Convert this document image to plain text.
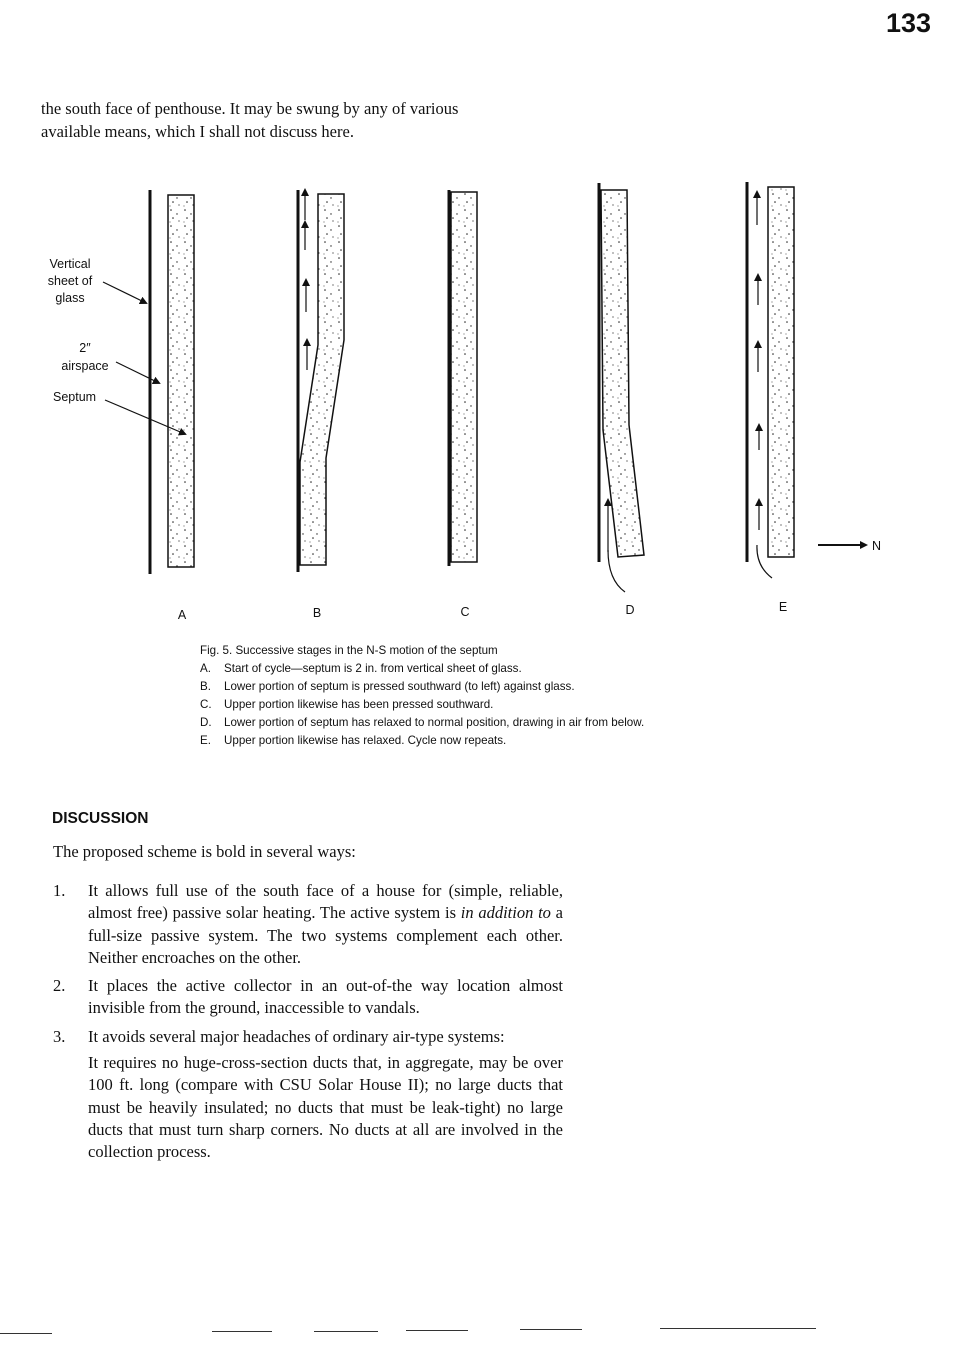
133

the south face of penthouse. It may be swung by any of various

available means, which I shall not discuss here.

Vertical
sheet of
glass
2″
airspace
Septum
N
A	B	C	D	E
Fig. 5. Successive stages in the N-S motion of the septum
A. Start of cycle—septum is 2 in. from vertical sheet of glass.
B. Lower portion of septum is pressed southward (to left) against glass.
C. Upper portion likewise has been pressed southward.
D. Lower portion of septum has relaxed to normal position, drawing in air from below.
E. Upper portion likewise has relaxed. Cycle now repeats.
DISCUSSION

The proposed scheme is bold in several ways:

1.	It allows full use of the south face of a house for (simple, reliable, almost free) passive solar heating. The active system is in addition to a full-size passive system. The two systems complement each other. Neither encroaches on the other.
2.	It places the active collector in an out-of-the way location almost invisible from the ground, inaccessible to vandals.
3.	It avoids several major headaches of ordinary air-type systems:

It requires no huge-cross-section ducts that, in aggregate, may be over 100 ft. long (compare with CSU Solar House II); no large ducts that must be heavily insulated; no ducts that must be leak-tight) no large ducts that must turn sharp corners. No ducts at all are involved in the collection process.
